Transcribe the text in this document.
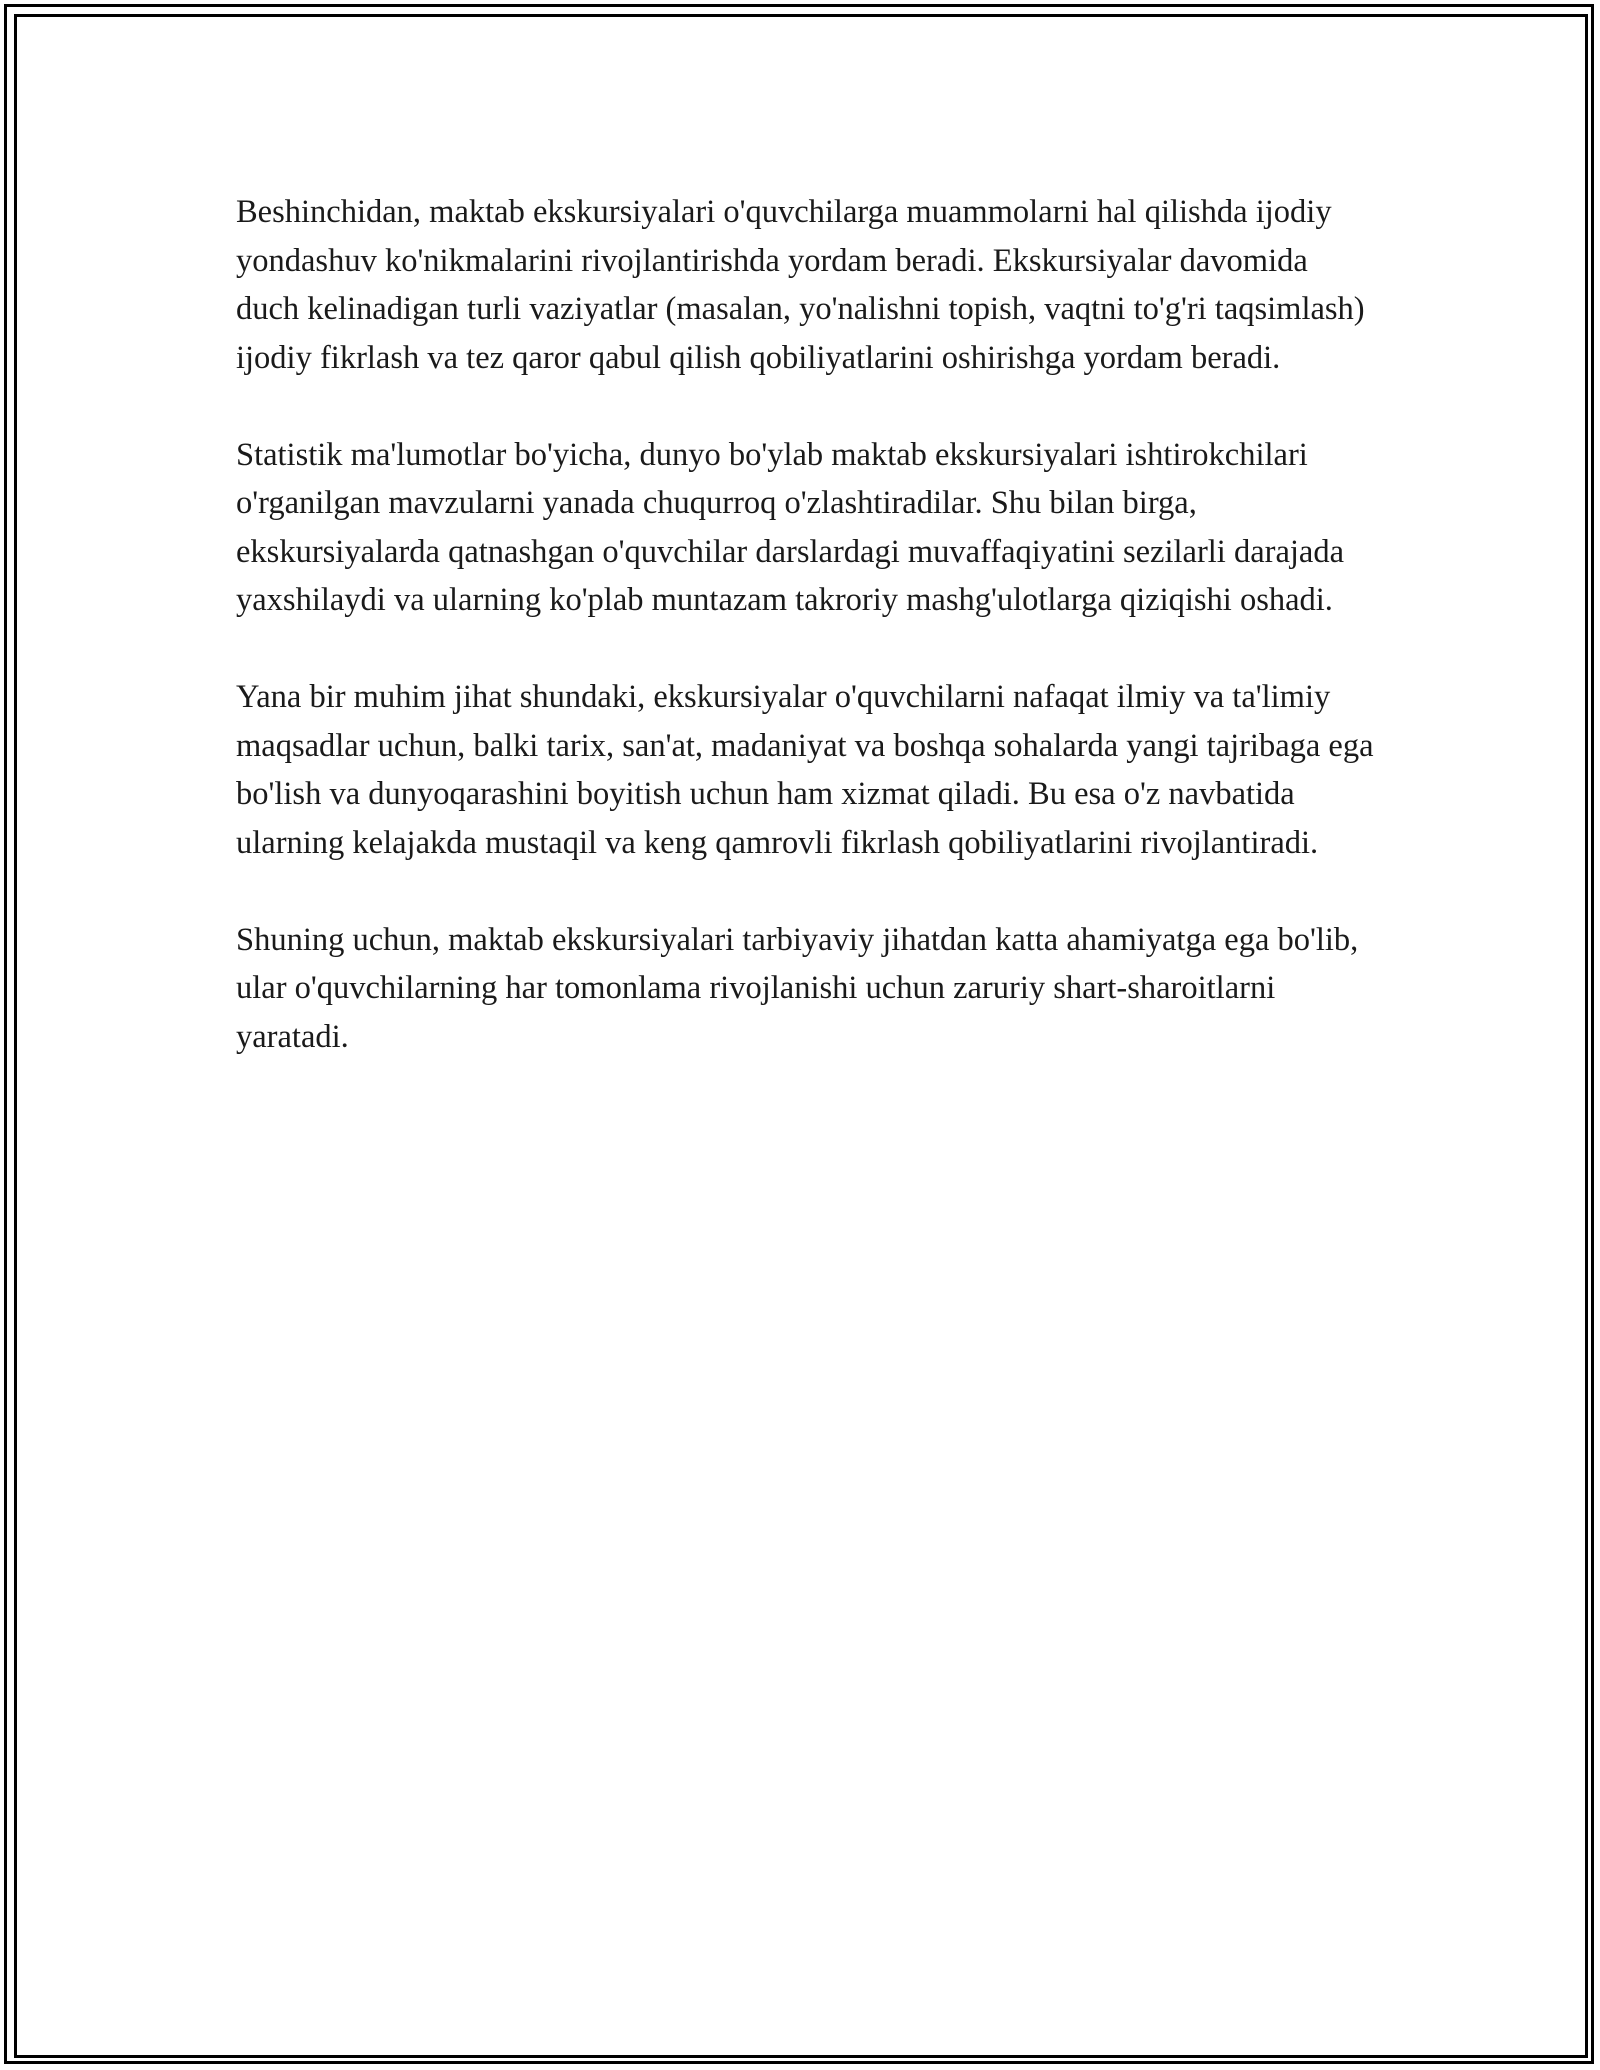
Beshinchidan, maktab ekskursiyalari o'quvchilarga muammolarni hal qilishda ijodiy yondashuv ko'nikmalarini rivojlantirishda yordam beradi. Ekskursiyalar davomida duch kelinadigan turli vaziyatlar (masalan, yo'nalishni topish, vaqtni to'g'ri taqsimlash) ijodiy fikrlash va tez qaror qabul qilish qobiliyatlarini oshirishga yordam beradi.

Statistik ma'lumotlar bo'yicha, dunyo bo'ylab maktab ekskursiyalari ishtirokchilari o'rganilgan mavzularni yanada chuqurroq o'zlashtiradilar. Shu bilan birga, ekskursiyalarda qatnashgan o'quvchilar darslardagi muvaffaqiyatini sezilarli darajada yaxshilaydi va ularning ko'plab muntazam takroriy mashg'ulotlarga qiziqishi oshadi.

Yana bir muhim jihat shundaki, ekskursiyalar o'quvchilarni nafaqat ilmiy va ta'limiy maqsadlar uchun, balki tarix, san'at, madaniyat va boshqa sohalarda yangi tajribaga ega bo'lish va dunyoqarashini boyitish uchun ham xizmat qiladi. Bu esa o'z navbatida ularning kelajakda mustaqil va keng qamrovli fikrlash qobiliyatlarini rivojlantiradi.

Shuning uchun, maktab ekskursiyalari tarbiyaviy jihatdan katta ahamiyatga ega bo'lib, ular o'quvchilarning har tomonlama rivojlanishi uchun zaruriy shart-sharoitlarni yaratadi.
